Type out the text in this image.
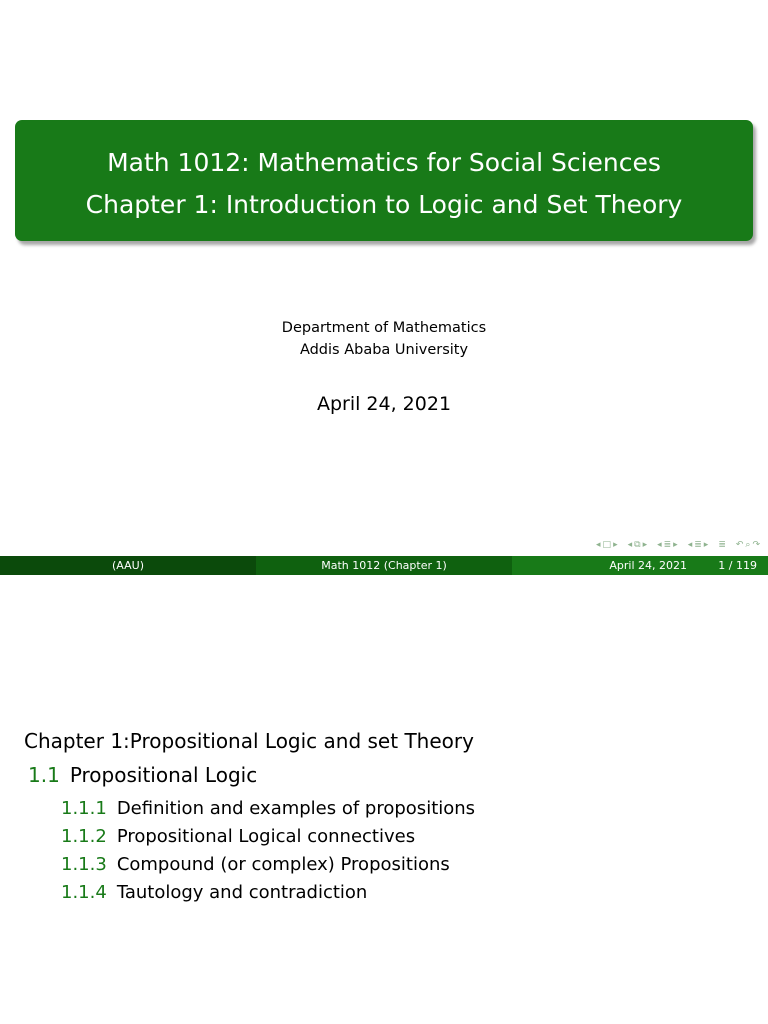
Math 1012: Mathematics for Social Sciences
Chapter 1: Introduction to Logic and Set Theory
Department of Mathematics
Addis Ababa University
April 24, 2021
◂ □ ▸ ◂ ⧉ ▸ ◂ ≣ ▸ ◂ ≣ ▸ ≣ ↶ ⌕ ↷
(AAU)	Math 1012 (Chapter 1)	April 24, 2021	1 / 119
Chapter 1:Propositional Logic and set Theory
1.1 Propositional Logic
1.1.1 Definition and examples of propositions
1.1.2 Propositional Logical connectives
1.1.3 Compound (or complex) Propositions
1.1.4 Tautology and contradiction
